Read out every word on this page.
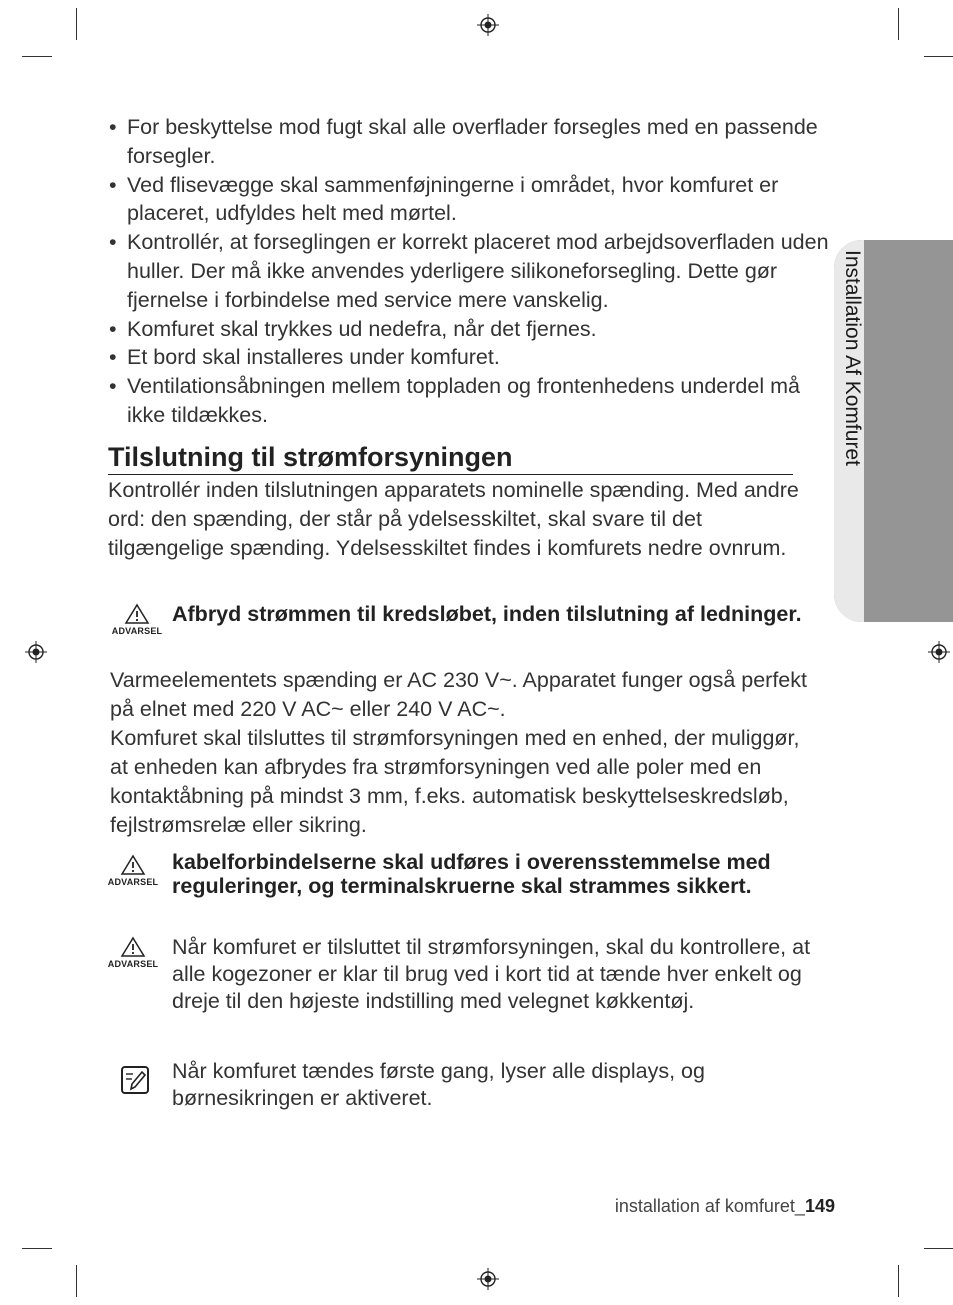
Installation Af Komfuret
• For beskyttelse mod fugt skal alle overflader forsegles med en passende forsegler.
• Ved flisevægge skal sammenføjningerne i området, hvor komfuret er placeret, udfyldes helt med mørtel.
• Kontrollér, at forseglingen er korrekt placeret mod arbejdsoverfladen uden huller. Der må ikke anvendes yderligere silikoneforsegling. Dette gør fjernelse i forbindelse med service mere vanskelig.
• Komfuret skal trykkes ud nedefra, når det fjernes.
• Et bord skal installeres under komfuret.
• Ventilationsåbningen mellem toppladen og frontenhedens underdel må ikke tildækkes.
Tilslutning til strømforsyningen

Kontrollér inden tilslutningen apparatets nominelle spænding. Med andre ord: den spænding, der står på ydelsesskiltet, skal svare til det tilgængelige spænding. Ydelsesskiltet findes i komfurets nedre ovnrum.

ADVARSEL

Afbryd strømmen til kredsløbet, inden tilslutning af ledninger.

Varmeelementets spænding er AC 230 V~. Apparatet funger også perfekt på elnet med 220 V AC~ eller 240 V AC~.

Komfuret skal tilsluttes til strømforsyningen med en enhed, der muliggør, at enheden kan afbrydes fra strømforsyningen ved alle poler med en kontaktåbning på mindst 3 mm, f.eks. automatisk beskyttelseskredsløb, fejlstrømsrelæ eller sikring.

ADVARSEL

kabelforbindelserne skal udføres i overensstemmelse med reguleringer, og terminalskruerne skal strammes sikkert.

ADVARSEL

Når komfuret er tilsluttet til strømforsyningen, skal du kontrollere, at alle kogezoner er klar til brug ved i kort tid at tænde hver enkelt og dreje til den højeste indstilling med velegnet køkkentøj.

Når komfuret tændes første gang, lyser alle displays, og børnesikringen er aktiveret.

installation af komfuret_149
